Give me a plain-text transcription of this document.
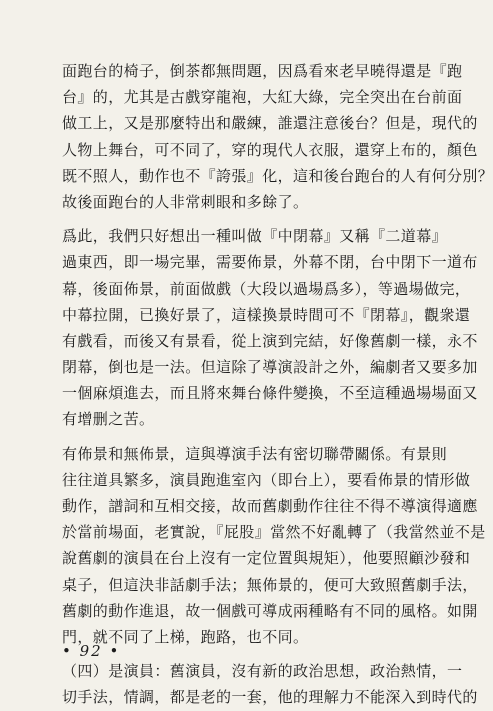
面跑台的椅子，倒茶都無問題，因爲看來老早曉得還是『跑
台』的，尤其是古戲穿龍袍，大紅大綠，完全突出在台前面
做工上，又是那麼特出和嚴練，誰還注意後台？但是，現代的
人物上舞台，可不同了，穿的現代人衣服，還穿上布的，顏色
既不照人，動作也不『誇張』化，這和後台跑台的人有何分別？
故後面跑台的人非常刺眼和多餘了。
爲此，我們只好想出一種叫做『中閉幕』又稱『二道幕』
過東西，即一場完畢，需要佈景，外幕不閉，台中閉下一道布
幕，後面佈景，前面做戲（大段以過場爲多），等過場做完，
中幕拉開，已換好景了，這樣換景時間可不『閉幕』，觀衆還
有戲看，而後又有景看，從上演到完結，好像舊劇一樣，永不
閉幕，倒也是一法。但這除了導演設計之外，編劇者又要多加
一個麻煩進去，而且將來舞台條件變換，不至這種過場場面又
有增删之苦。
有佈景和無佈景，這與導演手法有密切聯帶關係。有景則
往往道具繁多，演員跑進室內（即台上），要看佈景的情形做
動作，譜詞和互相交接，故而舊劇動作往往不得不導演得適應
於當前場面，老實說，『屁股』當然不好亂轉了（我當然並不是
說舊劇的演員在台上沒有一定位置與規矩），他要照顧沙發和
桌子，但這決非話劇手法；無佈景的，便可大致照舊劇手法，
舊劇的動作進退，故一個戲可導成兩種略有不同的風格。如開
門，就不同了上梯，跑路，也不同。
（四）是演員：舊演員，沒有新的政治思想，政治熱情，一
切手法，情調，都是老的一套，他的理解力不能深入到時代的
• 92 •
